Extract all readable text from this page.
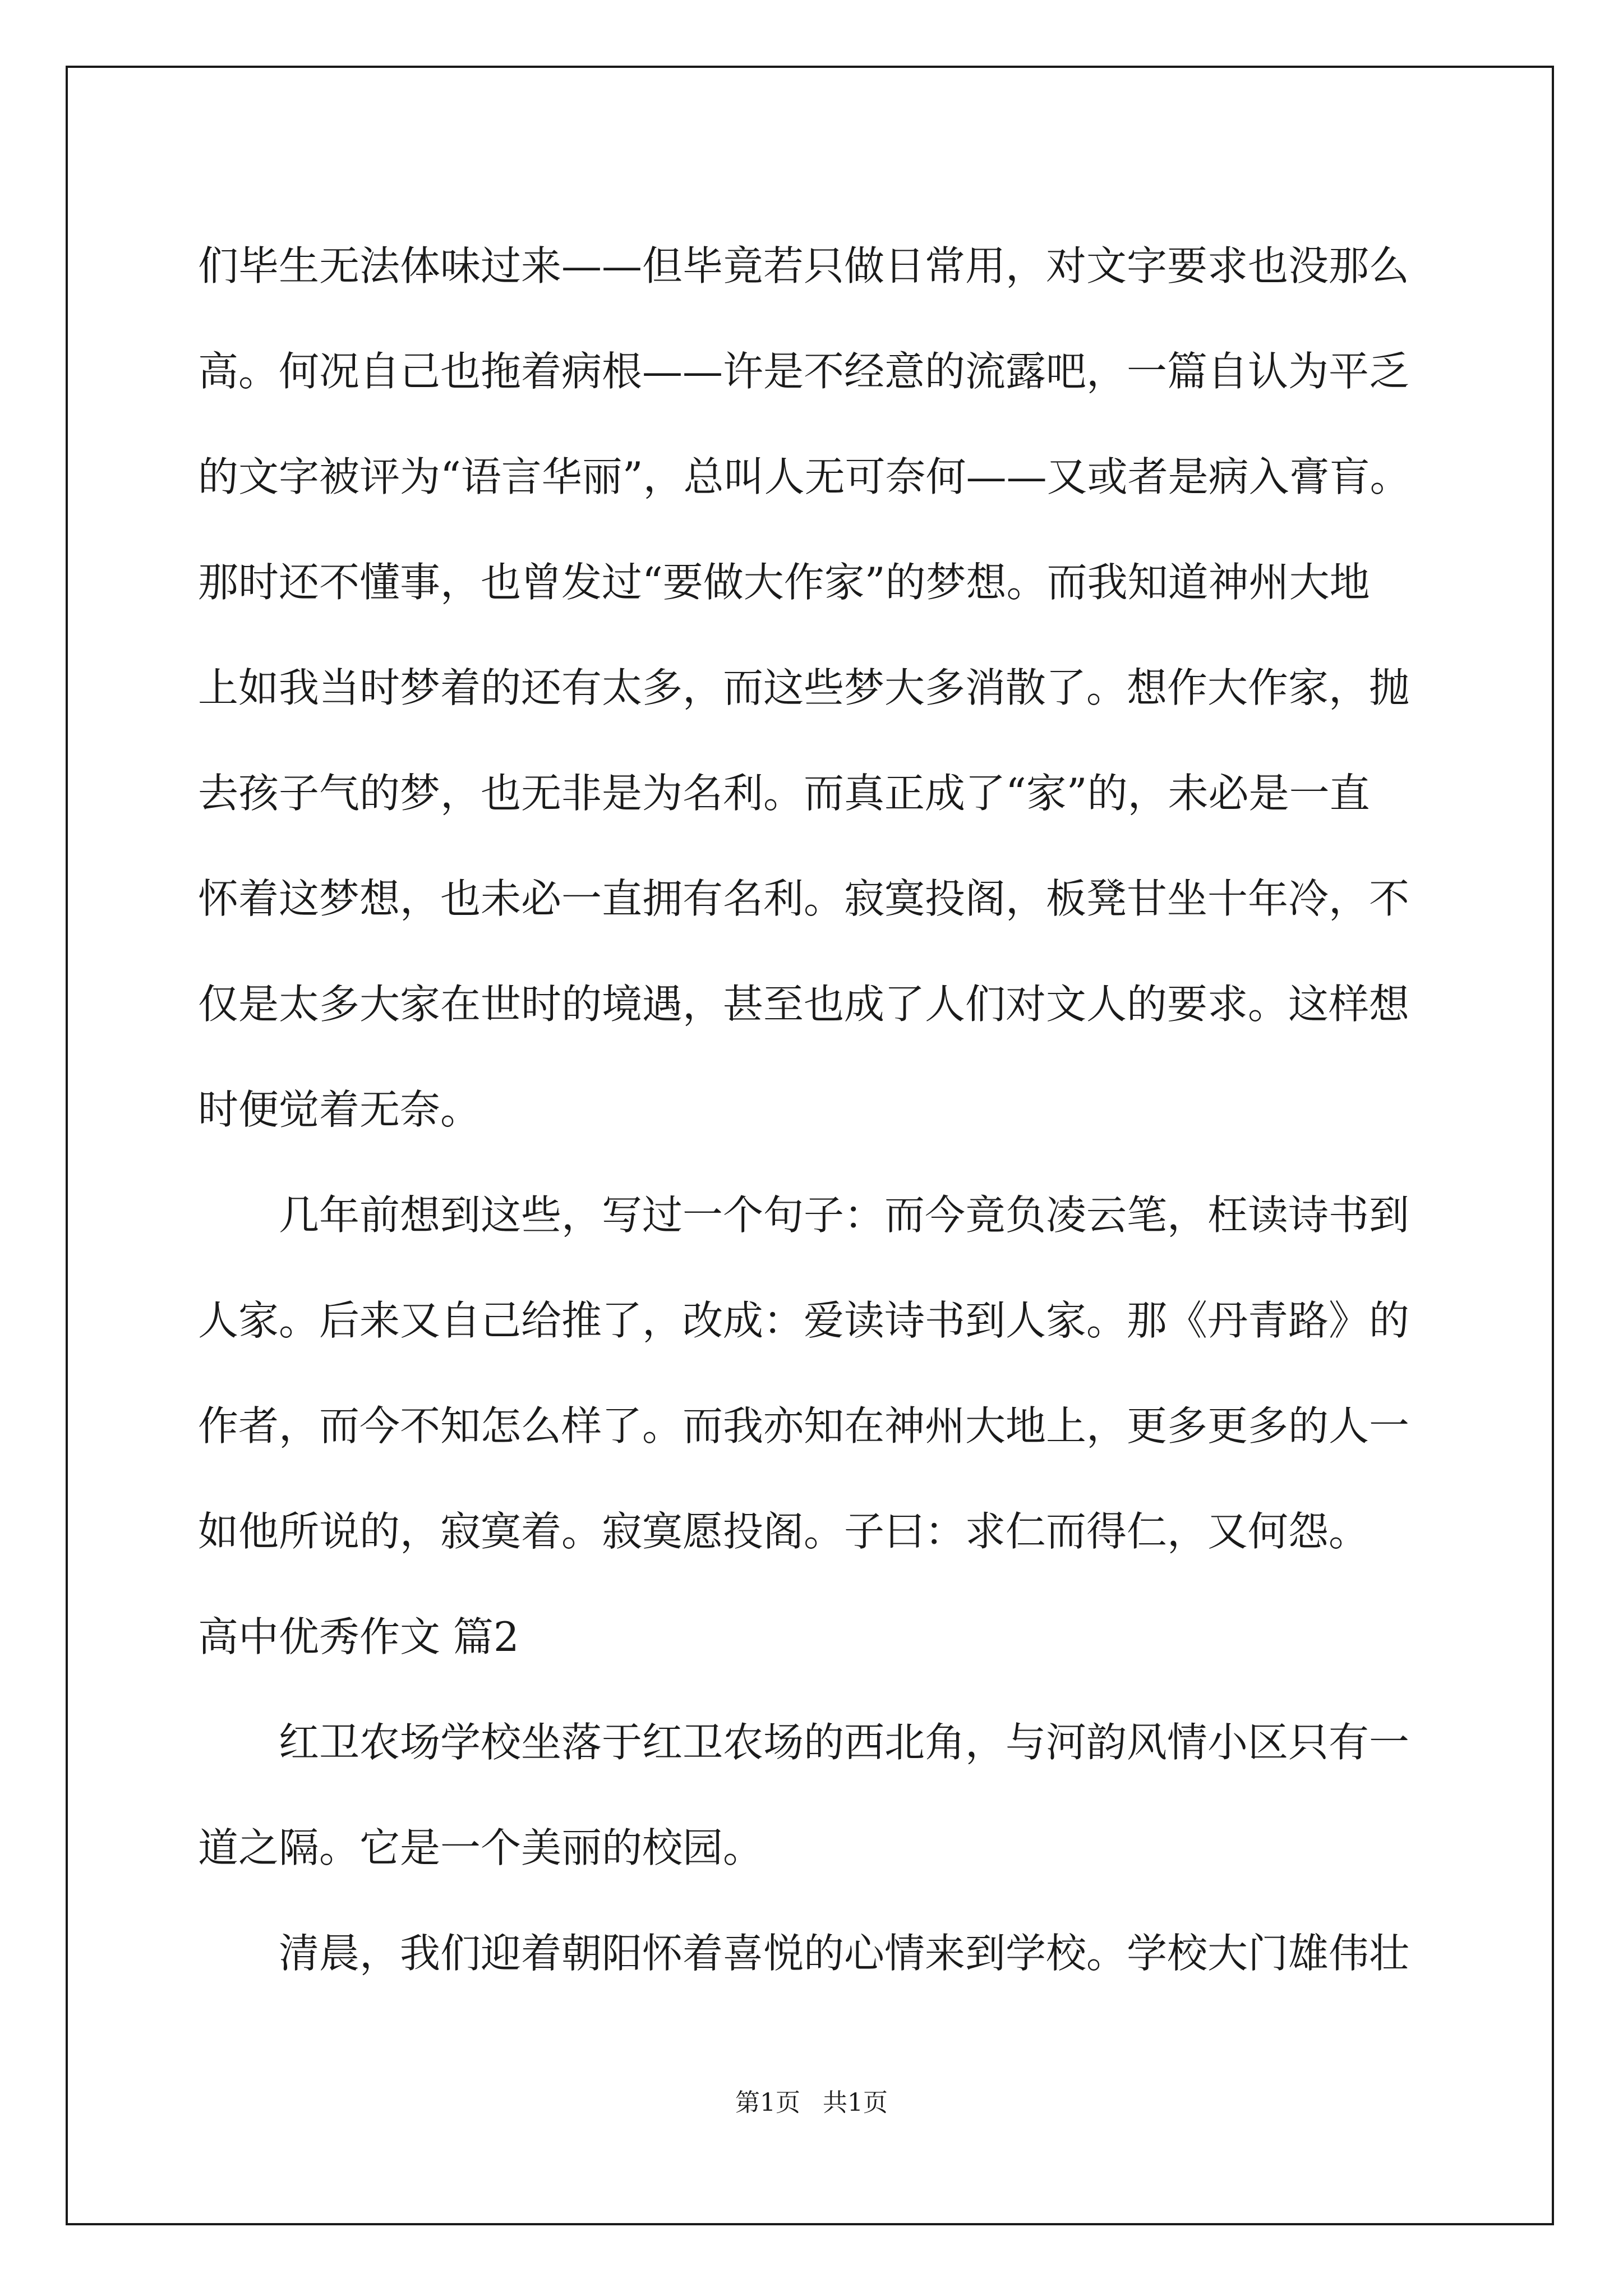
们毕生无法体味过来——但毕竟若只做日常用，对文字要求也没那么

高。何况自己也拖着病根——许是不经意的流露吧，一篇自认为平乏

的文字被评为“语言华丽”，总叫人无可奈何——又或者是病入膏肓。

那时还不懂事，也曾发过“要做大作家”的梦想。而我知道神州大地

上如我当时梦着的还有太多，而这些梦大多消散了。想作大作家，抛

去孩子气的梦，也无非是为名利。而真正成了“家”的，未必是一直

怀着这梦想，也未必一直拥有名利。寂寞投阁，板凳甘坐十年冷，不

仅是太多大家在世时的境遇，甚至也成了人们对文人的要求。这样想

时便觉着无奈。

几年前想到这些，写过一个句子：而今竟负凌云笔，枉读诗书到

人家。后来又自己给推了，改成：爱读诗书到人家。那《丹青路》的

作者，而今不知怎么样了。而我亦知在神州大地上，更多更多的人一

如他所说的，寂寞着。寂寞愿投阁。子曰：求仁而得仁，又何怨。

高中优秀作文 篇2

红卫农场学校坐落于红卫农场的西北角，与河韵风情小区只有一

道之隔。它是一个美丽的校园。

清晨，我们迎着朝阳怀着喜悦的心情来到学校。学校大门雄伟壮

第1页 共1页
